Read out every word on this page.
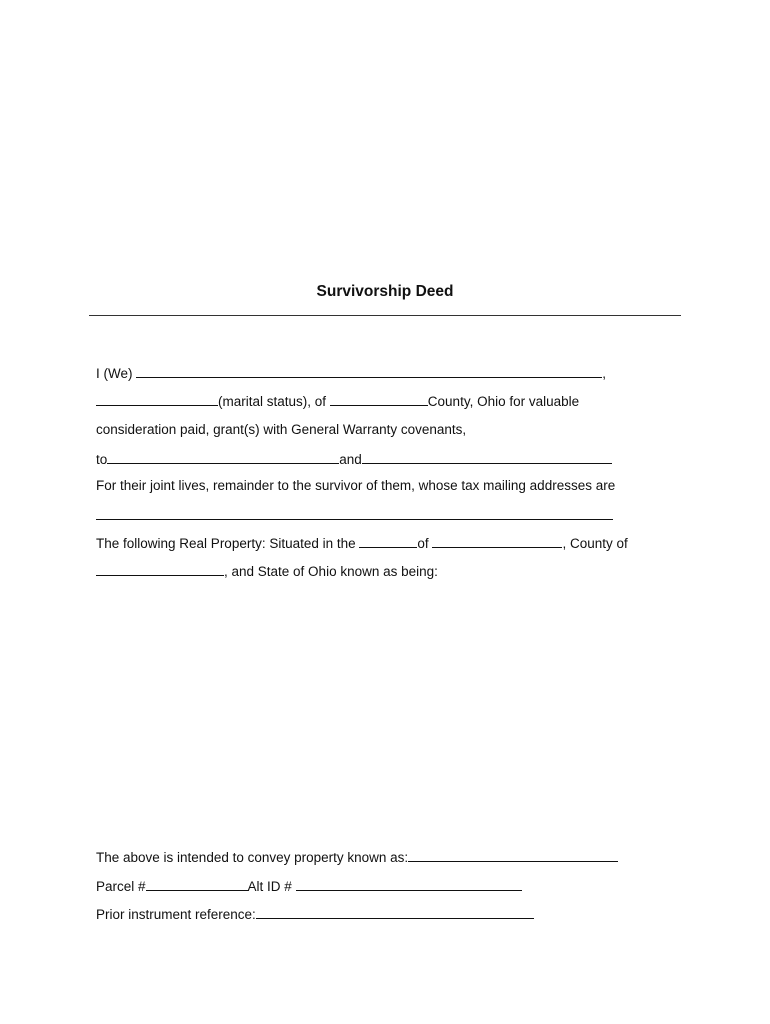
Survivorship Deed
I (We)	,
(marital status), of	County, Ohio for valuable
consideration paid, grant(s) with General Warranty covenants,
to	and
For their joint lives, remainder to the survivor of them, whose tax mailing addresses are
The following Real Property: Situated in the	of	, County of
, and State of Ohio known as being:
The above is intended to convey property known as:
Parcel #	Alt ID #
Prior instrument reference:
